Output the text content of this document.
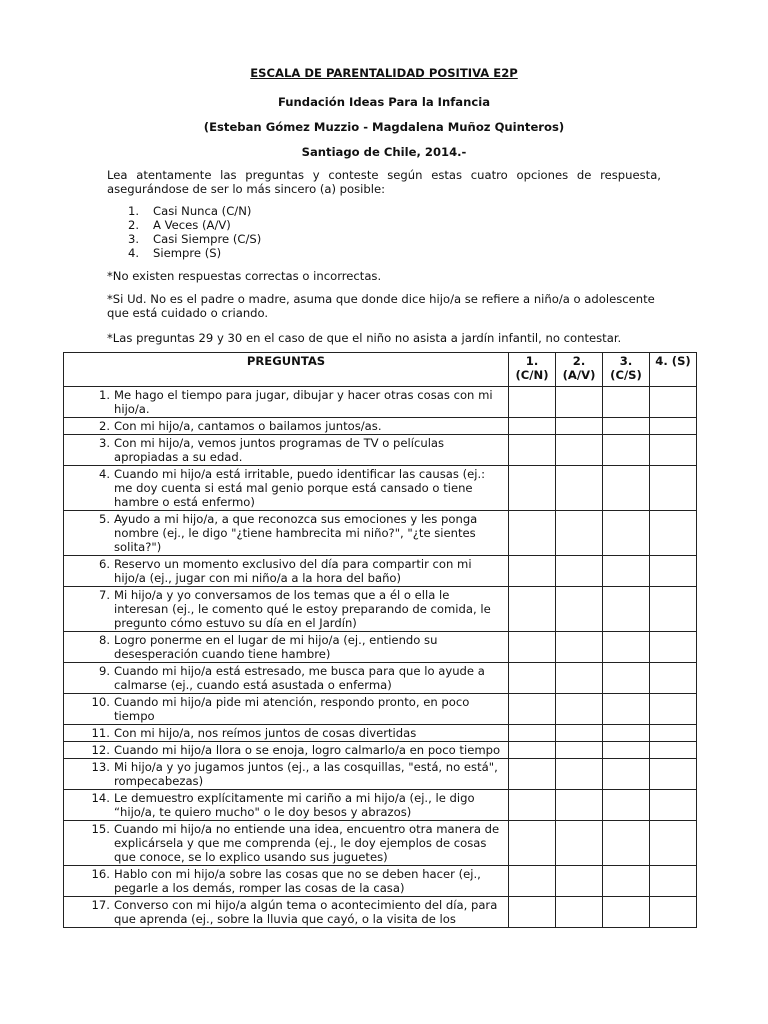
ESCALA DE PARENTALIDAD POSITIVA E2P
Fundación Ideas Para la Infancia
(Esteban Gómez Muzzio - Magdalena Muñoz Quinteros)
Santiago de Chile, 2014.-

Lea atentamente las preguntas y conteste según estas cuatro opciones de respuesta, asegurándose de ser lo más sincero (a) posible:

1. Casi Nunca (C/N)
2. A Veces (A/V)
3. Casi Siempre (C/S)
4. Siempre (S)

*No existen respuestas correctas o incorrectas.

*Si Ud. No es el padre o madre, asuma que donde dice hijo/a se refiere a niño/a o adolescente que está cuidado o criando.

*Las preguntas 29 y 30 en el caso de que el niño no asista a jardín infantil, no contestar.

PREGUNTAS	1. (C/N)	2. (A/V)	3. (C/S)	4. (S)

1. Me hago el tiempo para jugar, dibujar y hacer otras cosas con mi hijo/a.				

2. Con mi hijo/a, cantamos o bailamos juntos/as.				

3. Con mi hijo/a, vemos juntos programas de TV o películas apropiadas a su edad.				

4. Cuando mi hijo/a está irritable, puedo identificar las causas (ej.: me doy cuenta si está mal genio porque está cansado o tiene hambre o está enfermo)				

5. Ayudo a mi hijo/a, a que reconozca sus emociones y les ponga nombre (ej., le digo "¿tiene hambrecita mi niño?", "¿te sientes solita?")				

6. Reservo un momento exclusivo del día para compartir con mi hijo/a (ej., jugar con mi niño/a a la hora del baño)				

7. Mi hijo/a y yo conversamos de los temas que a él o ella le interesan (ej., le comento qué le estoy preparando de comida, le pregunto cómo estuvo su día en el Jardín)				

8. Logro ponerme en el lugar de mi hijo/a (ej., entiendo su desesperación cuando tiene hambre)				

9. Cuando mi hijo/a está estresado, me busca para que lo ayude a calmarse (ej., cuando está asustada o enferma)				

10. Cuando mi hijo/a pide mi atención, respondo pronto, en poco tiempo				

11. Con mi hijo/a, nos reímos juntos de cosas divertidas				

12. Cuando mi hijo/a llora o se enoja, logro calmarlo/a en poco tiempo				

13. Mi hijo/a y yo jugamos juntos (ej., a las cosquillas, "está, no está", rompecabezas)				

14. Le demuestro explícitamente mi cariño a mi hijo/a (ej., le digo “hijo/a, te quiero mucho" o le doy besos y abrazos)				

15. Cuando mi hijo/a no entiende una idea, encuentro otra manera de explicársela y que me comprenda (ej., le doy ejemplos de cosas que conoce, se lo explico usando sus juguetes)				

16. Hablo con mi hijo/a sobre las cosas que no se deben hacer (ej., pegarle a los demás, romper las cosas de la casa)				

17. Converso con mi hijo/a algún tema o acontecimiento del día, para que aprenda (ej., sobre la lluvia que cayó, o la visita de los				
